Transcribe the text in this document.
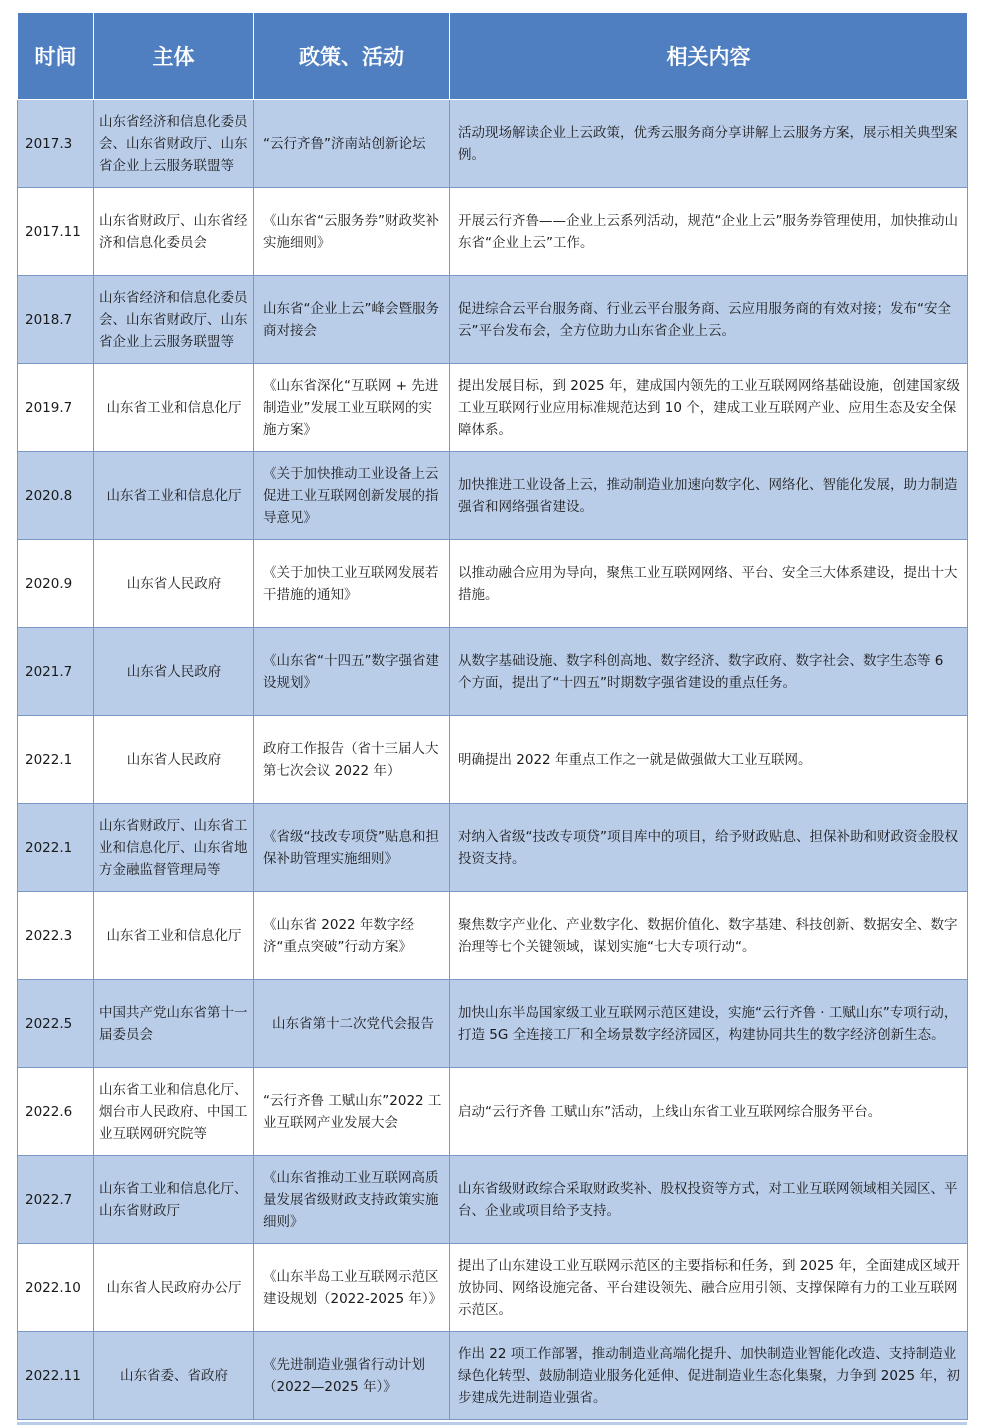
时间	主体	政策、活动	相关内容
2017.3	山东省经济和信息化委员会、山东省财政厅、山东省企业上云服务联盟等	“云行齐鲁”济南站创新论坛	活动现场解读企业上云政策，优秀云服务商分享讲解上云服务方案，展示相关典型案例。
2017.11	山东省财政厅、山东省经济和信息化委员会	《山东省“云服务券”财政奖补实施细则》	开展云行齐鲁——企业上云系列活动，规范“企业上云”服务券管理使用，加快推动山东省“企业上云”工作。
2018.7	山东省经济和信息化委员会、山东省财政厅、山东省企业上云服务联盟等	山东省“企业上云”峰会暨服务商对接会	促进综合云平台服务商、行业云平台服务商、云应用服务商的有效对接；发布“安全云”平台发布会，全方位助力山东省企业上云。
2019.7	山东省工业和信息化厅	《山东省深化“互联网 + 先进制造业”发展工业互联网的实施方案》	提出发展目标，到 2025 年，建成国内领先的工业互联网网络基础设施，创建国家级工业互联网行业应用标准规范达到 10 个，建成工业互联网产业、应用生态及安全保障体系。
2020.8	山东省工业和信息化厅	《关于加快推动工业设备上云 促进工业互联网创新发展的指导意见》	加快推进工业设备上云，推动制造业加速向数字化、网络化、智能化发展，助力制造强省和网络强省建设。
2020.9	山东省人民政府	《关于加快工业互联网发展若干措施的通知》	以推动融合应用为导向，聚焦工业互联网网络、平台、安全三大体系建设，提出十大措施。
2021.7	山东省人民政府	《山东省“十四五”数字强省建设规划》	从数字基础设施、数字科创高地、数字经济、数字政府、数字社会、数字生态等 6 个方面，提出了“十四五”时期数字强省建设的重点任务。
2022.1	山东省人民政府	政府工作报告（省十三届人大第七次会议 2022 年）	明确提出 2022 年重点工作之一就是做强做大工业互联网。
2022.1	山东省财政厅、山东省工业和信息化厅、山东省地方金融监督管理局等	《省级“技改专项贷”贴息和担保补助管理实施细则》	对纳入省级“技改专项贷”项目库中的项目，给予财政贴息、担保补助和财政资金股权投资支持。
2022.3	山东省工业和信息化厅	《山东省 2022 年数字经济“重点突破”行动方案》	聚焦数字产业化、产业数字化、数据价值化、数字基建、科技创新、数据安全、数字治理等七个关键领域，谋划实施“七大专项行动“。
2022.5	中国共产党山东省第十一届委员会	山东省第十二次党代会报告	加快山东半岛国家级工业互联网示范区建设，实施“云行齐鲁 · 工赋山东”专项行动，打造 5G 全连接工厂和全场景数字经济园区，构建协同共生的数字经济创新生态。
2022.6	山东省工业和信息化厅、烟台市人民政府、中国工业互联网研究院等	“云行齐鲁 工赋山东”2022 工业互联网产业发展大会	启动“云行齐鲁 工赋山东”活动，上线山东省工业互联网综合服务平台。
2022.7	山东省工业和信息化厅、山东省财政厅	《山东省推动工业互联网高质量发展省级财政支持政策实施细则》	山东省级财政综合采取财政奖补、股权投资等方式，对工业互联网领域相关园区、平台、企业或项目给予支持。
2022.10	山东省人民政府办公厅	《山东半岛工业互联网示范区建设规划（2022-2025 年）》	提出了山东建设工业互联网示范区的主要指标和任务，到 2025 年，全面建成区域开放协同、网络设施完备、平台建设领先、融合应用引领、支撑保障有力的工业互联网示范区。
2022.11	山东省委、省政府	《先进制造业强省行动计划（2022—2025 年）》	作出 22 项工作部署，推动制造业高端化提升、加快制造业智能化改造、支持制造业绿色化转型、鼓励制造业服务化延伸、促进制造业生态化集聚，力争到 2025 年，初步建成先进制造业强省。
